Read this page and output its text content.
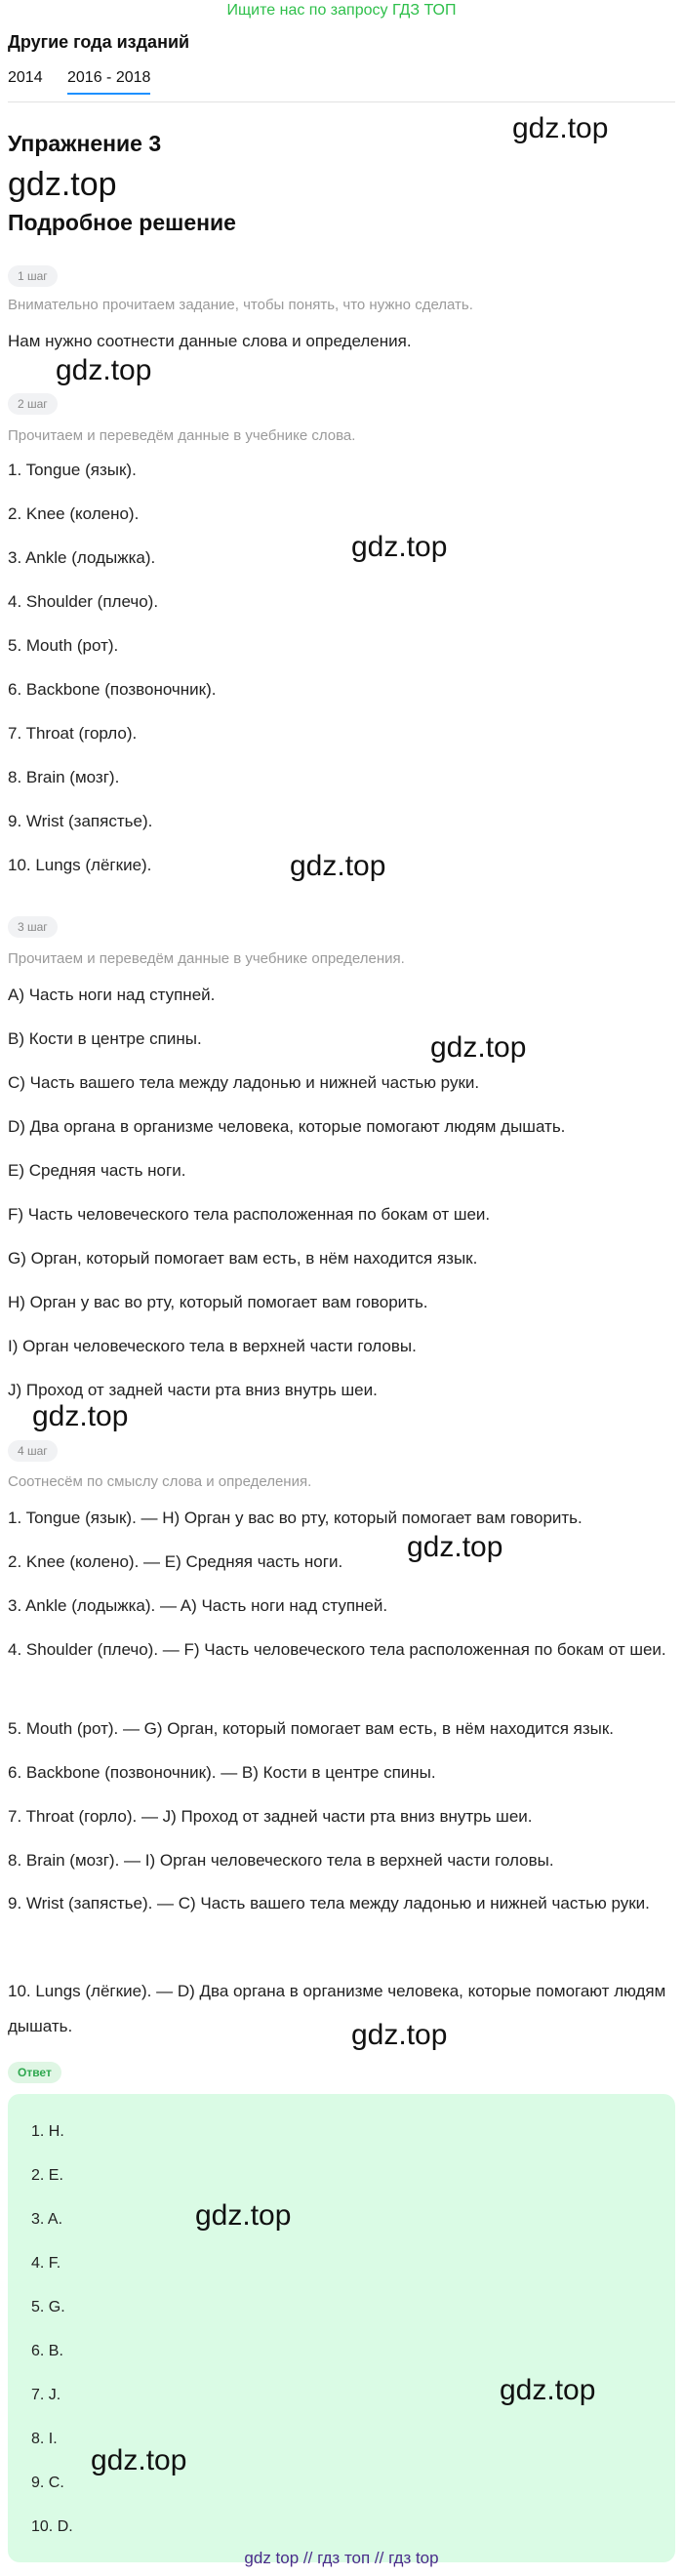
Ищите нас по запросу ГДЗ ТОП
Другие года изданий
2014 2016 - 2018
Упражнение 3
gdz.top
Подробное решение
1 шаг
Внимательно прочитаем задание, чтобы понять, что нужно сделать.
Нам нужно соотнести данные слова и определения.
2 шаг
Прочитаем и переведём данные в учебнике слова.
1. Tongue (язык).
2. Knee (колено).
3. Ankle (лодыжка).
4. Shoulder (плечо).
5. Mouth (рот).
6. Backbone (позвоночник).
7. Throat (горло).
8. Brain (мозг).
9. Wrist (запястье).
10. Lungs (лёгкие).
3 шаг
Прочитаем и переведём данные в учебнике определения.
A) Часть ноги над ступней.
B) Кости в центре спины.
C) Часть вашего тела между ладонью и нижней частью руки.
D) Два органа в организме человека, которые помогают людям дышать.
E) Средняя часть ноги.
F) Часть человеческого тела расположенная по бокам от шеи.
G) Орган, который помогает вам есть, в нём находится язык.
H) Орган у вас во рту, который помогает вам говорить.
I) Орган человеческого тела в верхней части головы.
J) Проход от задней части рта вниз внутрь шеи.
4 шаг
Соотнесём по смыслу слова и определения.
1. Tongue (язык). — H) Орган у вас во рту, который помогает вам говорить.
2. Knee (колено). — E) Средняя часть ноги.
3. Ankle (лодыжка). — A) Часть ноги над ступней.
4. Shoulder (плечо). — F) Часть человеческого тела расположенная по бокам от шеи.
5. Mouth (рот). — G) Орган, который помогает вам есть, в нём находится язык.
6. Backbone (позвоночник). — B) Кости в центре спины.
7. Throat (горло). — J) Проход от задней части рта вниз внутрь шеи.
8. Brain (мозг). — I) Орган человеческого тела в верхней части головы.
9. Wrist (запястье). — C) Часть вашего тела между ладонью и нижней частью руки.
10. Lungs (лёгкие). — D) Два органа в организме человека, которые помогают людям дышать.
Ответ
1. H.
2. E.
3. A.
4. F.
5. G.
6. B.
7. J.
8. I.
9. C.
10. D.
gdz.top
gdz.top
gdz.top
gdz.top
gdz.top
gdz.top
gdz.top
gdz.top
gdz.top
gdz.top
gdz.top
gdz top // гдз топ // гдз top
